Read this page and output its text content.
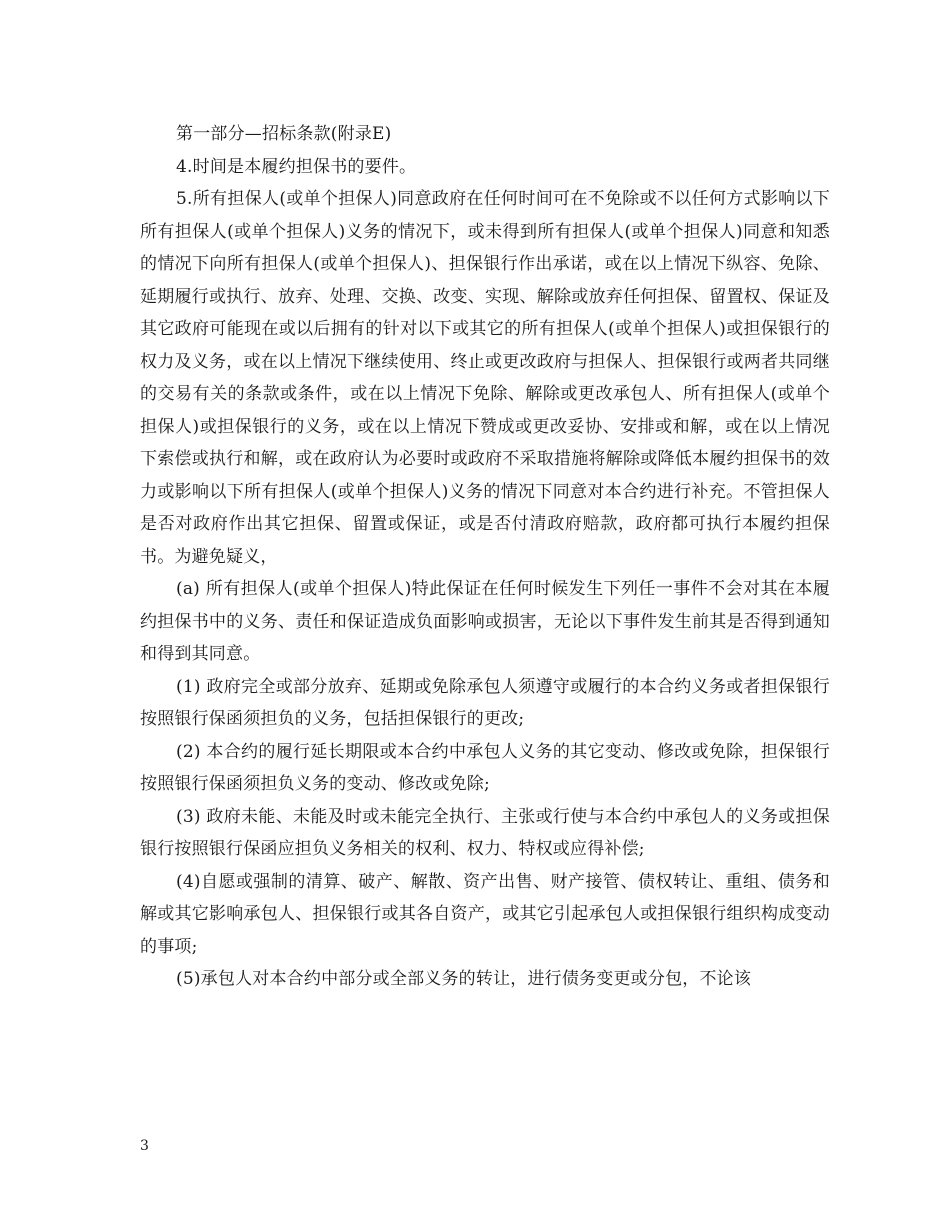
第一部分—招标条款(附录E)

4.时间是本履约担保书的要件。

5.所有担保人(或单个担保人)同意政府在任何时间可在不免除或不以任何方式影响以下所有担保人(或单个担保人)义务的情况下，或未得到所有担保人(或单个担保人)同意和知悉的情况下向所有担保人(或单个担保人)、担保银行作出承诺，或在以上情况下纵容、免除、延期履行或执行、放弃、处理、交换、改变、实现、解除或放弃任何担保、留置权、保证及其它政府可能现在或以后拥有的针对以下或其它的所有担保人(或单个担保人)或担保银行的权力及义务，或在以上情况下继续使用、终止或更改政府与担保人、担保银行或两者共同继的交易有关的条款或条件，或在以上情况下免除、解除或更改承包人、所有担保人(或单个担保人)或担保银行的义务，或在以上情况下赞成或更改妥协、安排或和解，或在以上情况下索偿或执行和解，或在政府认为必要时或政府不采取措施将解除或降低本履约担保书的效力或影响以下所有担保人(或单个担保人)义务的情况下同意对本合约进行补充。不管担保人是否对政府作出其它担保、留置或保证，或是否付清政府赔款，政府都可执行本履约担保书。为避免疑义，

(a) 所有担保人(或单个担保人)特此保证在任何时候发生下列任一事件不会对其在本履约担保书中的义务、责任和保证造成负面影响或损害，无论以下事件发生前其是否得到通知和得到其同意。

(1) 政府完全或部分放弃、延期或免除承包人须遵守或履行的本合约义务或者担保银行按照银行保函须担负的义务，包括担保银行的更改;

(2) 本合约的履行延长期限或本合约中承包人义务的其它变动、修改或免除，担保银行按照银行保函须担负义务的变动、修改或免除;

(3) 政府未能、未能及时或未能完全执行、主张或行使与本合约中承包人的义务或担保银行按照银行保函应担负义务相关的权利、权力、特权或应得补偿;

(4)自愿或强制的清算、破产、解散、资产出售、财产接管、债权转让、重组、债务和解或其它影响承包人、担保银行或其各自资产，或其它引起承包人或担保银行组织构成变动的事项;

(5)承包人对本合约中部分或全部义务的转让，进行债务变更或分包，不论该

3
